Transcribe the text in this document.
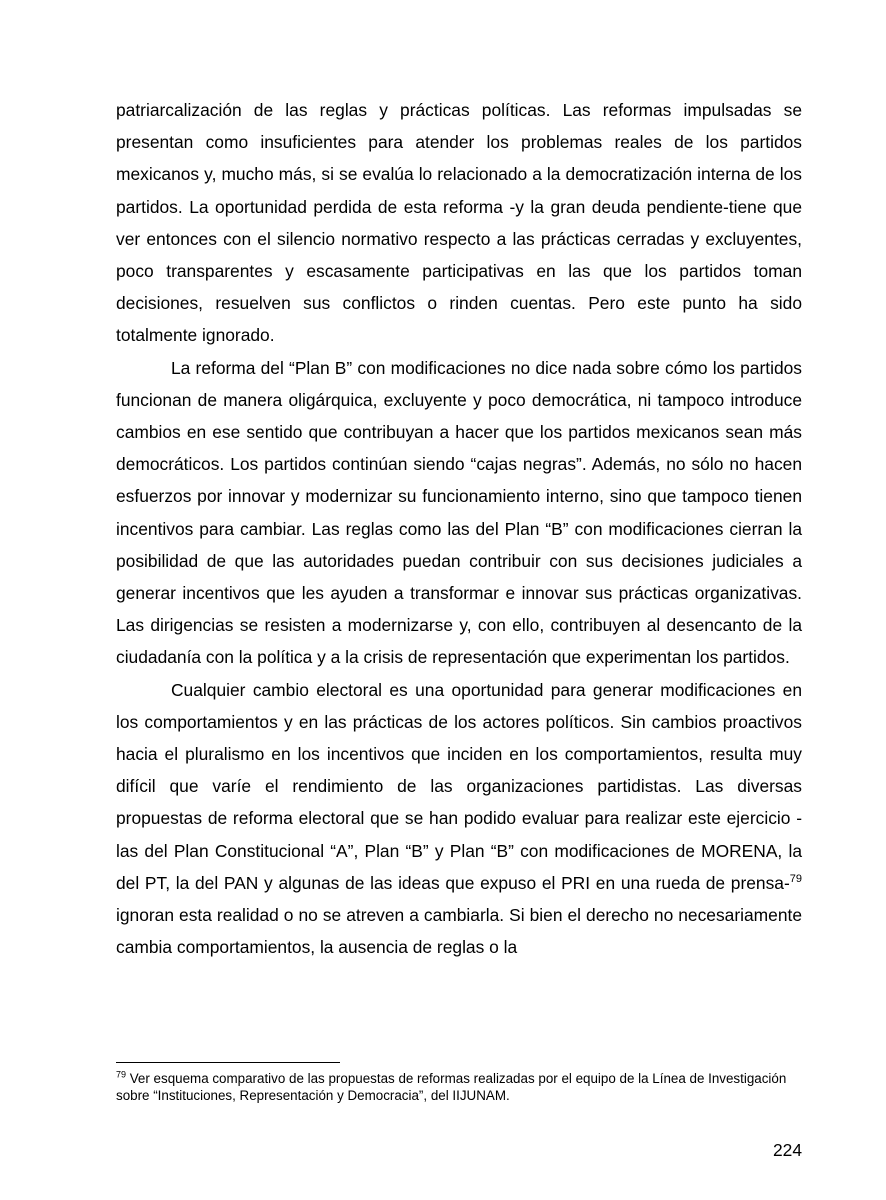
patriarcalización de las reglas y prácticas políticas. Las reformas impulsadas se presentan como insuficientes para atender los problemas reales de los partidos mexicanos y, mucho más, si se evalúa lo relacionado a la democratización interna de los partidos. La oportunidad perdida de esta reforma -y la gran deuda pendiente-tiene que ver entonces con el silencio normativo respecto a las prácticas cerradas y excluyentes, poco transparentes y escasamente participativas en las que los partidos toman decisiones, resuelven sus conflictos o rinden cuentas. Pero este punto ha sido totalmente ignorado.

La reforma del “Plan B” con modificaciones no dice nada sobre cómo los partidos funcionan de manera oligárquica, excluyente y poco democrática, ni tampoco introduce cambios en ese sentido que contribuyan a hacer que los partidos mexicanos sean más democráticos. Los partidos continúan siendo “cajas negras”. Además, no sólo no hacen esfuerzos por innovar y modernizar su funcionamiento interno, sino que tampoco tienen incentivos para cambiar. Las reglas como las del Plan “B” con modificaciones cierran la posibilidad de que las autoridades puedan contribuir con sus decisiones judiciales a generar incentivos que les ayuden a transformar e innovar sus prácticas organizativas. Las dirigencias se resisten a modernizarse y, con ello, contribuyen al desencanto de la ciudadanía con la política y a la crisis de representación que experimentan los partidos.

Cualquier cambio electoral es una oportunidad para generar modificaciones en los comportamientos y en las prácticas de los actores políticos. Sin cambios proactivos hacia el pluralismo en los incentivos que inciden en los comportamientos, resulta muy difícil que varíe el rendimiento de las organizaciones partidistas. Las diversas propuestas de reforma electoral que se han podido evaluar para realizar este ejercicio -las del Plan Constitucional “A”, Plan “B” y Plan “B” con modificaciones de MORENA, la del PT, la del PAN y algunas de las ideas que expuso el PRI en una rueda de prensa-$^{79}$ ignoran esta realidad o no se atreven a cambiarla. Si bien el derecho no necesariamente cambia comportamientos, la ausencia de reglas o la

$^{79}$ Ver esquema comparativo de las propuestas de reformas realizadas por el equipo de la Línea de Investigación sobre “Instituciones, Representación y Democracia”, del IIJUNAM.
224
